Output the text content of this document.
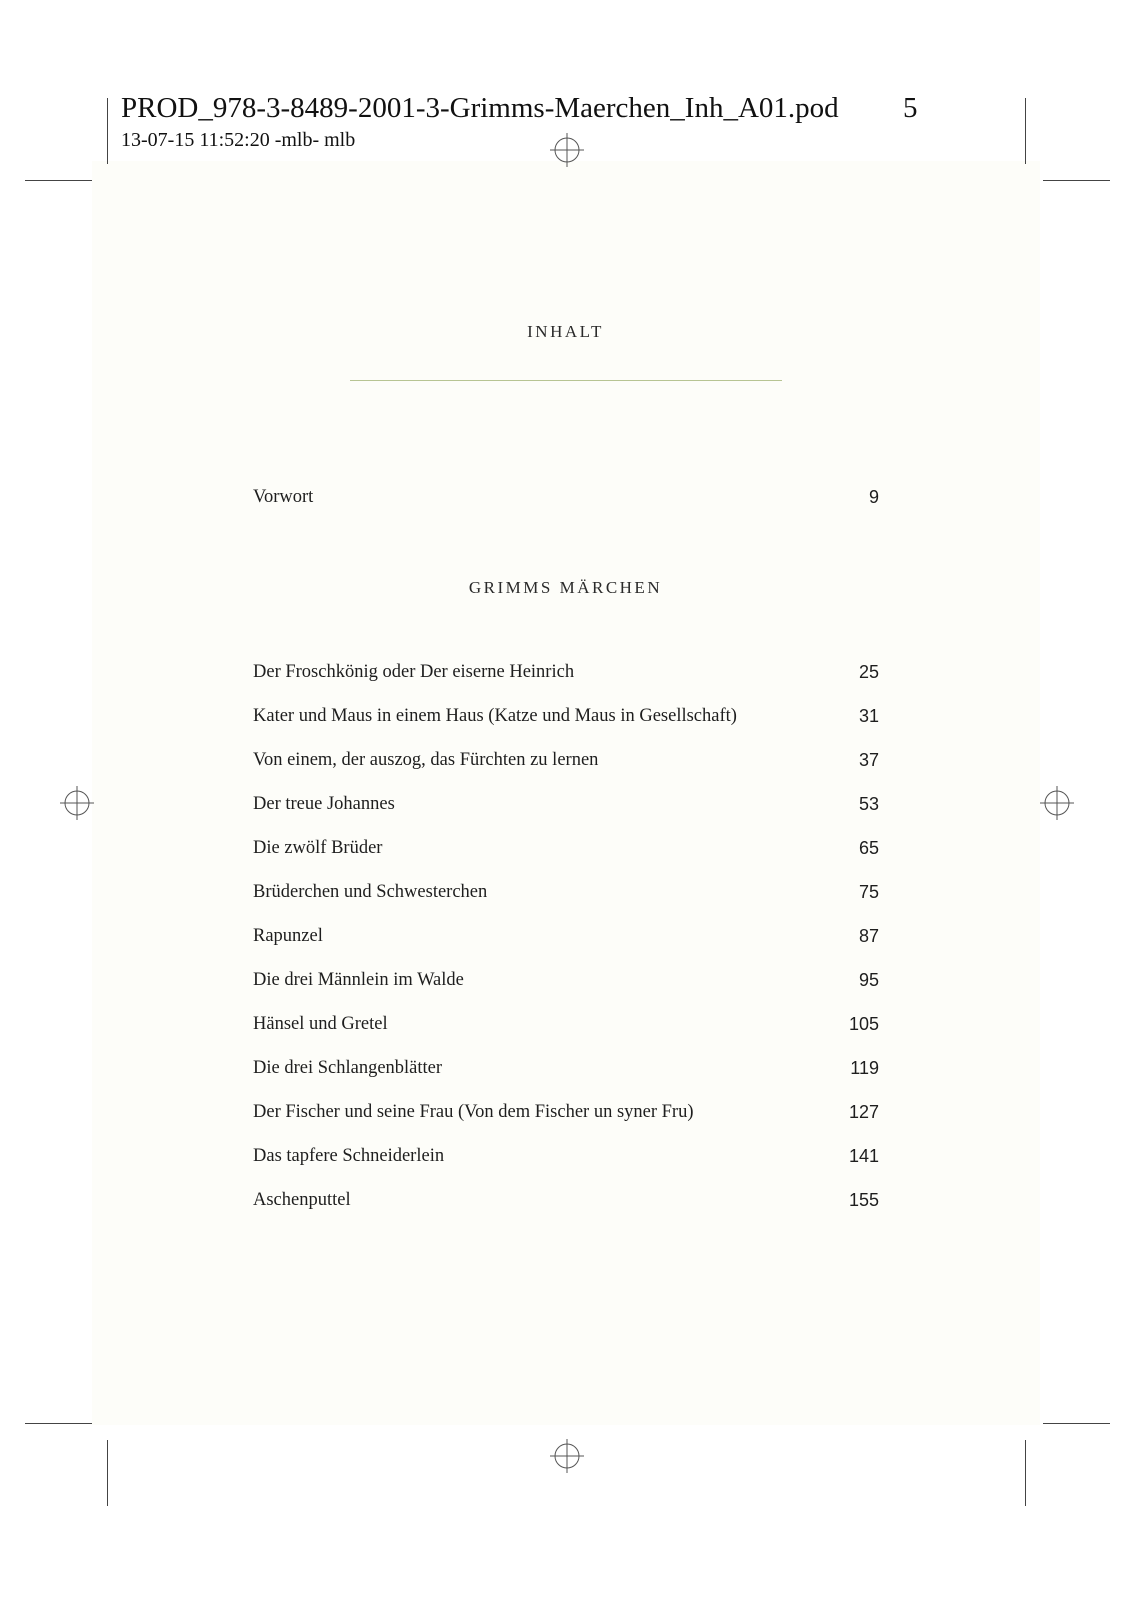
PROD_978-3-8489-2001-3-Grimms-Maerchen_Inh_A01.pod 5
13-07-15 11:52:20 -mlb- mlb
INHALT
Vorwort	9
GRIMMS MÄRCHEN
Der Froschkönig oder Der eiserne Heinrich	25
Kater und Maus in einem Haus (Katze und Maus in Gesellschaft)	31
Von einem, der auszog, das Fürchten zu lernen	37
Der treue Johannes	53
Die zwölf Brüder	65
Brüderchen und Schwesterchen	75
Rapunzel	87
Die drei Männlein im Walde	95
Hänsel und Gretel	105
Die drei Schlangenblätter	119
Der Fischer und seine Frau (Von dem Fischer un syner Fru)	127
Das tapfere Schneiderlein	141
Aschenputtel	155
